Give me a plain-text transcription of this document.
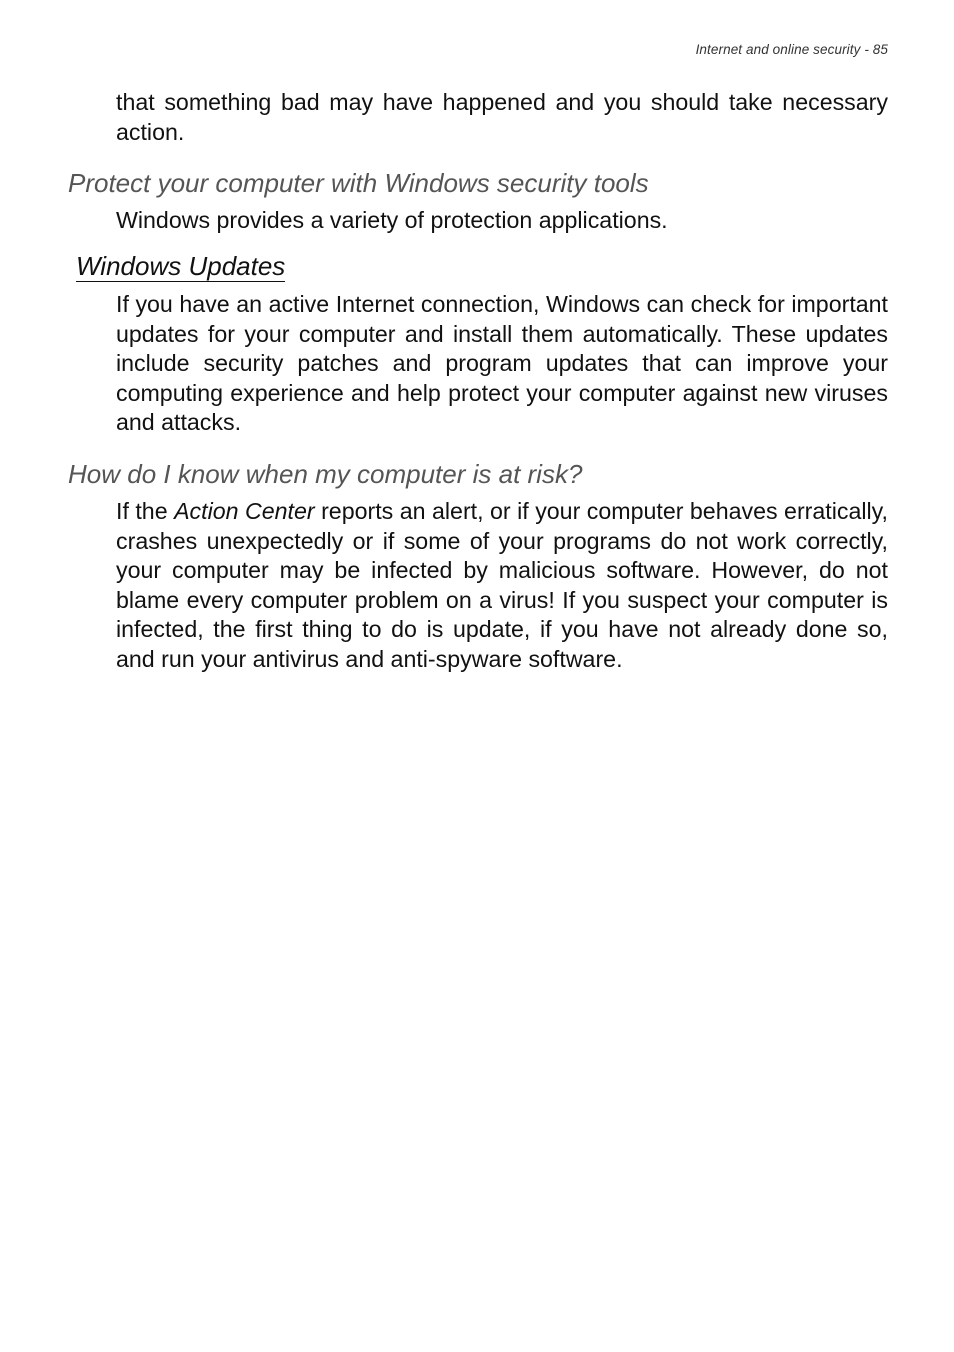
Internet and online security - 85

that something bad may have happened and you should take necessary action.

Protect your computer with Windows security tools

Windows provides a variety of protection applications.

Windows Updates

If you have an active Internet connection, Windows can check for important updates for your computer and install them automatically. These updates include security patches and program updates that can improve your computing experience and help protect your computer against new viruses and attacks.

How do I know when my computer is at risk?

If the Action Center reports an alert, or if your computer behaves erratically, crashes unexpectedly or if some of your programs do not work correctly, your computer may be infected by malicious software. However, do not blame every computer problem on a virus! If you suspect your computer is infected, the first thing to do is update, if you have not already done so, and run your antivirus and anti-spyware software.
